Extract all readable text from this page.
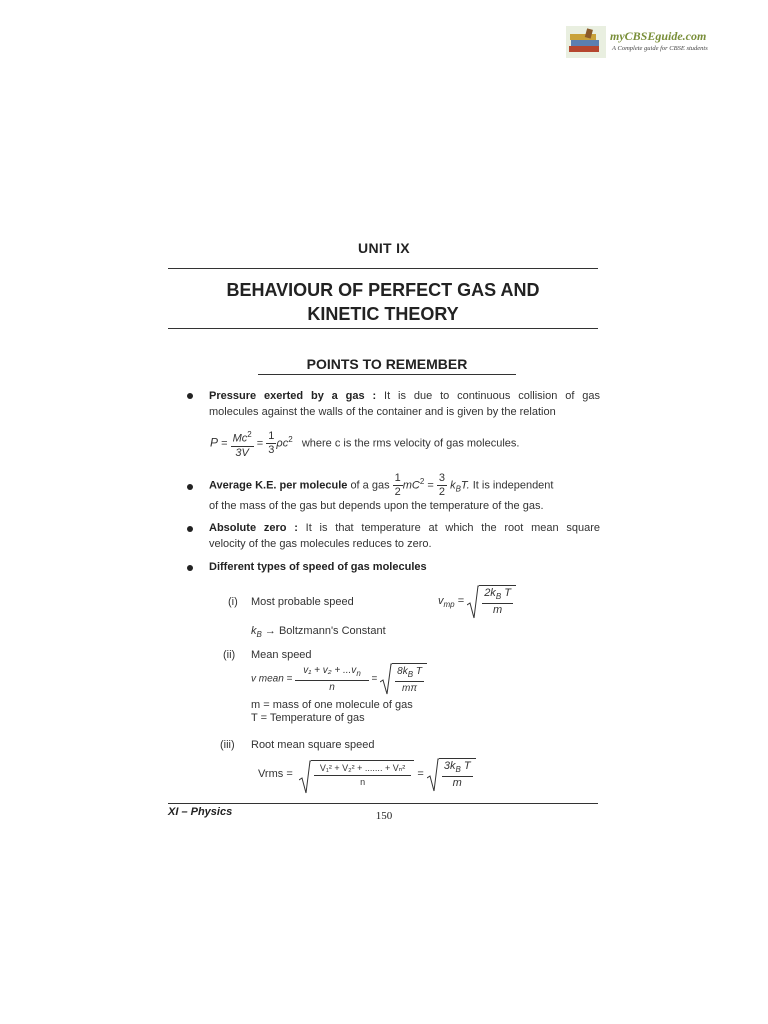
myCBSEguide.com
A Complete guide for CBSE students
UNIT IX
BEHAVIOUR OF PERFECT GAS AND
KINETIC THEORY
POINTS TO REMEMBER
Pressure exerted by a gas : It is due to continuous collision of gas
molecules against the walls of the container and is given by the relation
$P = \frac{Mc^2}{3V} = \frac{1}{3} \rho c^2$ where c is the rms velocity of gas molecules.
Average K.E. per molecule of a gas $\frac{1}{2} mC^2 = \frac{3}{2} k_BT$. It is independent
of the mass of the gas but depends upon the temperature of the gas.
Absolute zero : It is that temperature at which the root mean square
velocity of the gas molecules reduces to zero.
Different types of speed of gas molecules
(i) Most probable speed	$v_{mp} = \frac{2k_B T}{m}$
$k_B$ → Boltzmann's Constant
(ii) Mean speed
v mean = $\frac{v_1 + v_2 + ...v_n}{n} = \frac{8k_B T}{m\pi}$
m = mass of one molecule of gas
T = Temperature of gas
(iii) Root mean square speed
Vrms = $\frac{\text{V₁² + V₂² + ....... + Vₙ²}}{n} = \frac{3k_B T}{m}$
XI – Physics	150
